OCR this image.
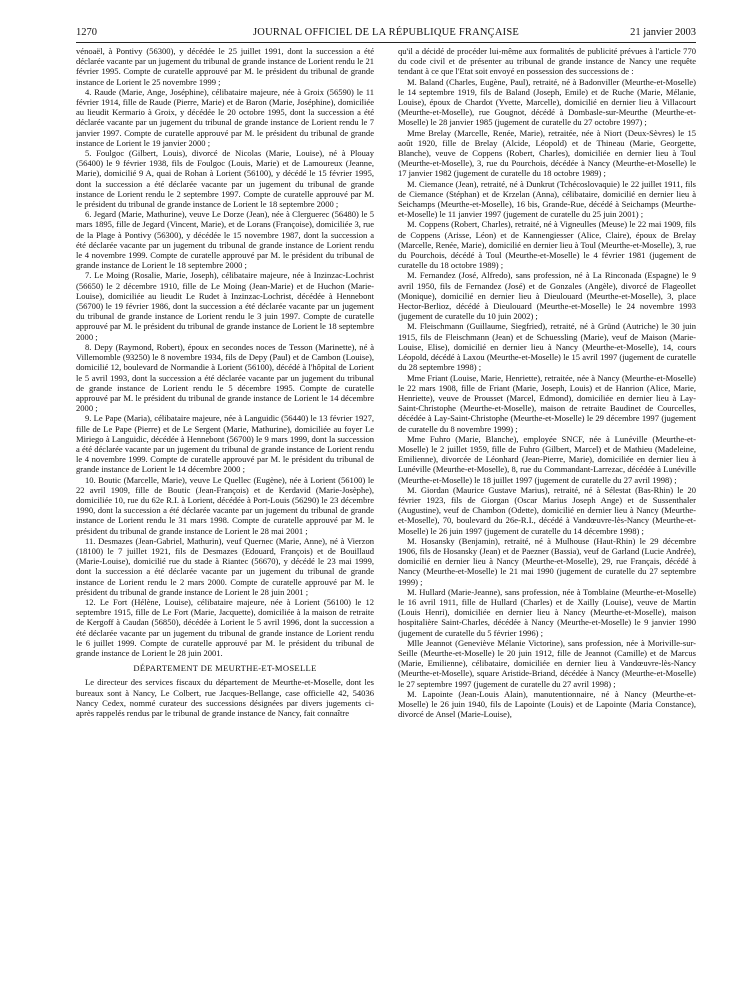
1270	JOURNAL OFFICIEL DE LA RÉPUBLIQUE FRANÇAISE	21 janvier 2003

vénoaël, à Pontivy (56300), y décédée le 25 juillet 1991, dont la succession a été déclarée vacante par un jugement du tribunal de grande instance de Lorient rendu le 21 février 1995. Compte de curatelle approuvé par M. le président du tribunal de grande instance de Lorient le 25 novembre 1999 ;

4. Raude (Marie, Ange, Joséphine), célibataire majeure, née à Groix (56590) le 11 février 1914, fille de Raude (Pierre, Marie) et de Baron (Marie, Joséphine), domiciliée au lieudit Kermario à Groix, y décédée le 20 octobre 1995, dont la succession a été déclarée vacante par un jugement du tribunal de grande instance de Lorient rendu le 7 janvier 1997. Compte de curatelle approuvé par M. le président du tribunal de grande instance de Lorient le 19 janvier 2000 ;

5. Foulgoc (Gilbert, Louis), divorcé de Nicolas (Marie, Louise), né à Plouay (56400) le 9 février 1938, fils de Foulgoc (Louis, Marie) et de Lamoureux (Jeanne, Marie), domicilié 9 A, quai de Rohan à Lorient (56100), y décédé le 15 février 1995, dont la succession a été déclarée vacante par un jugement du tribunal de grande instance de Lorient rendu le 2 septembre 1997. Compte de curatelle approuvé par M. le président du tribunal de grande instance de Lorient le 18 septembre 2000 ;

6. Jegard (Marie, Mathurine), veuve Le Dorze (Jean), née à Clerguerec (56480) le 5 mars 1895, fille de Jegard (Vincent, Marie), et de Lorans (Françoise), domiciliée 3, rue de la Plage à Pontivy (56300), y décédée le 15 novembre 1987, dont la succession a été déclarée vacante par un jugement du tribunal de grande instance de Lorient rendu le 4 novembre 1999. Compte de curatelle approuvé par M. le président du tribunal de grande instance de Lorient le 18 septembre 2000 ;

7. Le Moing (Rosalie, Marie, Joseph), célibataire majeure, née à Inzinzac-Lochrist (56650) le 2 décembre 1910, fille de Le Moing (Jean-Marie) et de Huchon (Marie-Louise), domiciliée au lieudit Le Rudet à Inzinzac-Lochrist, décédée à Hennebont (56700) le 19 février 1986, dont la succession a été déclarée vacante par un jugement du tribunal de grande instance de Lorient rendu le 3 juin 1997. Compte de curatelle approuvé par M. le président du tribunal de grande instance de Lorient le 18 septembre 2000 ;

8. Depy (Raymond, Robert), époux en secondes noces de Tesson (Marinette), né à Villemomble (93250) le 8 novembre 1934, fils de Depy (Paul) et de Cambon (Louise), domicilié 12, boulevard de Normandie à Lorient (56100), décédé à l'hôpital de Lorient le 5 avril 1993, dont la succession a été déclarée vacante par un jugement du tribunal de grande instance de Lorient rendu le 5 décembre 1995. Compte de curatelle approuvé par M. le président du tribunal de grande instance de Lorient le 14 décembre 2000 ;

9. Le Pape (Maria), célibataire majeure, née à Languidic (56440) le 13 février 1927, fille de Le Pape (Pierre) et de Le Sergent (Marie, Mathurine), domiciliée au foyer Le Miriego à Languidic, décédée à Hennebont (56700) le 9 mars 1999, dont la succession a été déclarée vacante par un jugement du tribunal de grande instance de Lorient rendu le 4 novembre 1999. Compte de curatelle approuvé par M. le président du tribunal de grande instance de Lorient le 14 décembre 2000 ;

10. Boutic (Marcelle, Marie), veuve Le Quellec (Eugène), née à Lorient (56100) le 22 avril 1909, fille de Boutic (Jean-François) et de Kerdavid (Marie-Josèphe), domiciliée 10, rue du 62e R.I. à Lorient, décédée à Port-Louis (56290) le 23 décembre 1990, dont la succession a été déclarée vacante par un jugement du tribunal de grande instance de Lorient rendu le 31 mars 1998. Compte de curatelle approuvé par M. le président du tribunal de grande instance de Lorient le 28 mai 2001 ;

11. Desmazes (Jean-Gabriel, Mathurin), veuf Quernec (Marie, Anne), né à Vierzon (18100) le 7 juillet 1921, fils de Desmazes (Edouard, François) et de Bouillaud (Marie-Louise), domicilié rue du stade à Riantec (56670), y décédé le 23 mai 1999, dont la succession a été déclarée vacante par un jugement du tribunal de grande instance de Lorient rendu le 2 mars 2000. Compte de curatelle approuvé par M. le président du tribunal de grande instance de Lorient le 28 juin 2001 ;

12. Le Fort (Hélène, Louise), célibataire majeure, née à Lorient (56100) le 12 septembre 1915, fille de Le Fort (Marie, Jacquette), domiciliée à la maison de retraite de Kergoff à Caudan (56850), décédée à Lorient le 5 avril 1996, dont la succession a été déclarée vacante par un jugement du tribunal de grande instance de Lorient rendu le 6 juillet 1999. Compte de curatelle approuvé par M. le président du tribunal de grande instance de Lorient le 28 juin 2001.

DÉPARTEMENT DE MEURTHE-ET-MOSELLE

Le directeur des services fiscaux du département de Meurthe-et-Moselle, dont les bureaux sont à Nancy, Le Colbert, rue Jacques-Bellange, case officielle 42, 54036 Nancy Cedex, nommé curateur des successions désignées par divers jugements ci-après rappelés rendus par le tribunal de grande instance de Nancy, fait connaître

qu'il a décidé de procéder lui-même aux formalités de publicité prévues à l'article 770 du code civil et de présenter au tribunal de grande instance de Nancy une requête tendant à ce que l'Etat soit envoyé en possession des successions de :

M. Baland (Charles, Eugène, Paul), retraité, né à Badonviller (Meurthe-et-Moselle) le 14 septembre 1919, fils de Baland (Joseph, Emile) et de Ruche (Marie, Mélanie, Louise), époux de Chardot (Yvette, Marcelle), domicilié en dernier lieu à Villacourt (Meurthe-et-Moselle), rue Gougnot, décédé à Dombasle-sur-Meurthe (Meurthe-et-Moselle) le 28 janvier 1985 (jugement de curatelle du 27 octobre 1997) ;

Mme Brelay (Marcelle, Renée, Marie), retraitée, née à Niort (Deux-Sèvres) le 15 août 1920, fille de Brelay (Alcide, Léopold) et de Thineau (Marie, Georgette, Blanche), veuve de Coppens (Robert, Charles), domiciliée en dernier lieu à Toul (Meurthe-et-Moselle), 3, rue du Pourchois, décédée à Nancy (Meurthe-et-Moselle) le 17 janvier 1982 (jugement de curatelle du 18 octobre 1989) ;

M. Ciemance (Jean), retraité, né à Dunkrut (Tchécoslovaquie) le 22 juillet 1911, fils de Ciemance (Stéphan) et de Krzelan (Anna), célibataire, domicilié en dernier lieu à Seichamps (Meurthe-et-Moselle), 16 bis, Grande-Rue, décédé à Seichamps (Meurthe-et-Moselle) le 11 janvier 1997 (jugement de curatelle du 25 juin 2001) ;

M. Coppens (Robert, Charles), retraité, né à Vigneulles (Meuse) le 22 mai 1909, fils de Coppens (Arisse, Léon) et de Kannengiesser (Alice, Claire), époux de Brelay (Marcelle, Renée, Marie), domicilié en dernier lieu à Toul (Meurthe-et-Moselle), 3, rue du Pourchois, décédé à Toul (Meurthe-et-Moselle) le 4 février 1981 (jugement de curatelle du 18 octobre 1989) ;

M. Fernandez (José, Alfredo), sans profession, né à La Rinconada (Espagne) le 9 avril 1950, fils de Fernandez (José) et de Gonzales (Angèle), divorcé de Flageollet (Monique), domicilié en dernier lieu à Dieulouard (Meurthe-et-Moselle), 3, place Hector-Berlioz, décédé à Dieulouard (Meurthe-et-Moselle) le 24 novembre 1993 (jugement de curatelle du 10 juin 2002) ;

M. Fleischmann (Guillaume, Siegfried), retraité, né à Gründ (Autriche) le 30 juin 1915, fils de Fleischmann (Jean) et de Schuessling (Marie), veuf de Maison (Marie-Louise, Elise), domicilié en dernier lieu à Nancy (Meurthe-et-Moselle), 14, cours Léopold, décédé à Laxou (Meurthe-et-Moselle) le 15 avril 1997 (jugement de curatelle du 28 septembre 1998) ;

Mme Friant (Louise, Marie, Henriette), retraitée, née à Nancy (Meurthe-et-Moselle) le 22 mars 1908, fille de Friant (Marie, Joseph, Louis) et de Hanrion (Alice, Marie, Henriette), veuve de Prousset (Marcel, Edmond), domiciliée en dernier lieu à Lay-Saint-Christophe (Meurthe-et-Moselle), maison de retraite Baudinet de Courcelles, décédée à Lay-Saint-Christophe (Meurthe-et-Moselle) le 29 décembre 1997 (jugement de curatelle du 8 novembre 1999) ;

Mme Fuhro (Marie, Blanche), employée SNCF, née à Lunéville (Meurthe-et-Moselle) le 2 juillet 1959, fille de Fuhro (Gilbert, Marcel) et de Mathieu (Madeleine, Emilienne), divorcée de Léonhard (Jean-Pierre, Marie), domiciliée en dernier lieu à Lunéville (Meurthe-et-Moselle), 8, rue du Commandant-Larrezac, décédée à Lunéville (Meurthe-et-Moselle) le 18 juillet 1997 (jugement de curatelle du 27 avril 1998) ;

M. Giordan (Maurice Gustave Marius), retraité, né à Sélestat (Bas-Rhin) le 20 février 1923, fils de Giorgan (Oscar Marius Joseph Ange) et de Sussenthaler (Augustine), veuf de Chambon (Odette), domicilié en dernier lieu à Nancy (Meurthe-et-Moselle), 70, boulevard du 26e-R.I., décédé à Vandœuvre-lès-Nancy (Meurthe-et-Moselle) le 26 juin 1997 (jugement de curatelle du 14 décembre 1998) ;

M. Hosansky (Benjamin), retraité, né à Mulhouse (Haut-Rhin) le 29 décembre 1906, fils de Hosansky (Jean) et de Paezner (Bassia), veuf de Garland (Lucie Andrée), domicilié en dernier lieu à Nancy (Meurthe-et-Moselle), 29, rue Français, décédé à Nancy (Meurthe-et-Moselle) le 21 mai 1990 (jugement de curatelle du 27 septembre 1999) ;

M. Hullard (Marie-Jeanne), sans profession, née à Tomblaine (Meurthe-et-Moselle) le 16 avril 1911, fille de Hullard (Charles) et de Xailly (Louise), veuve de Martin (Louis Henri), domiciliée en dernier lieu à Nancy (Meurthe-et-Moselle), maison hospitalière Saint-Charles, décédée à Nancy (Meurthe-et-Moselle) le 9 janvier 1990 (jugement de curatelle du 5 février 1996) ;

Mlle Jeannot (Geneviève Mélanie Victorine), sans profession, née à Moriville-sur-Seille (Meurthe-et-Moselle) le 20 juin 1912, fille de Jeannot (Camille) et de Marcus (Marie, Emilienne), célibataire, domiciliée en dernier lieu à Vandœuvre-lès-Nancy (Meurthe-et-Moselle), square Aristide-Briand, décédée à Nancy (Meurthe-et-Moselle) le 27 septembre 1997 (jugement de curatelle du 27 avril 1998) ;

M. Lapointe (Jean-Louis Alain), manutentionnaire, né à Nancy (Meurthe-et-Moselle) le 26 juin 1940, fils de Lapointe (Louis) et de Lapointe (Maria Constance), divorcé de Ansel (Marie-Louise),
